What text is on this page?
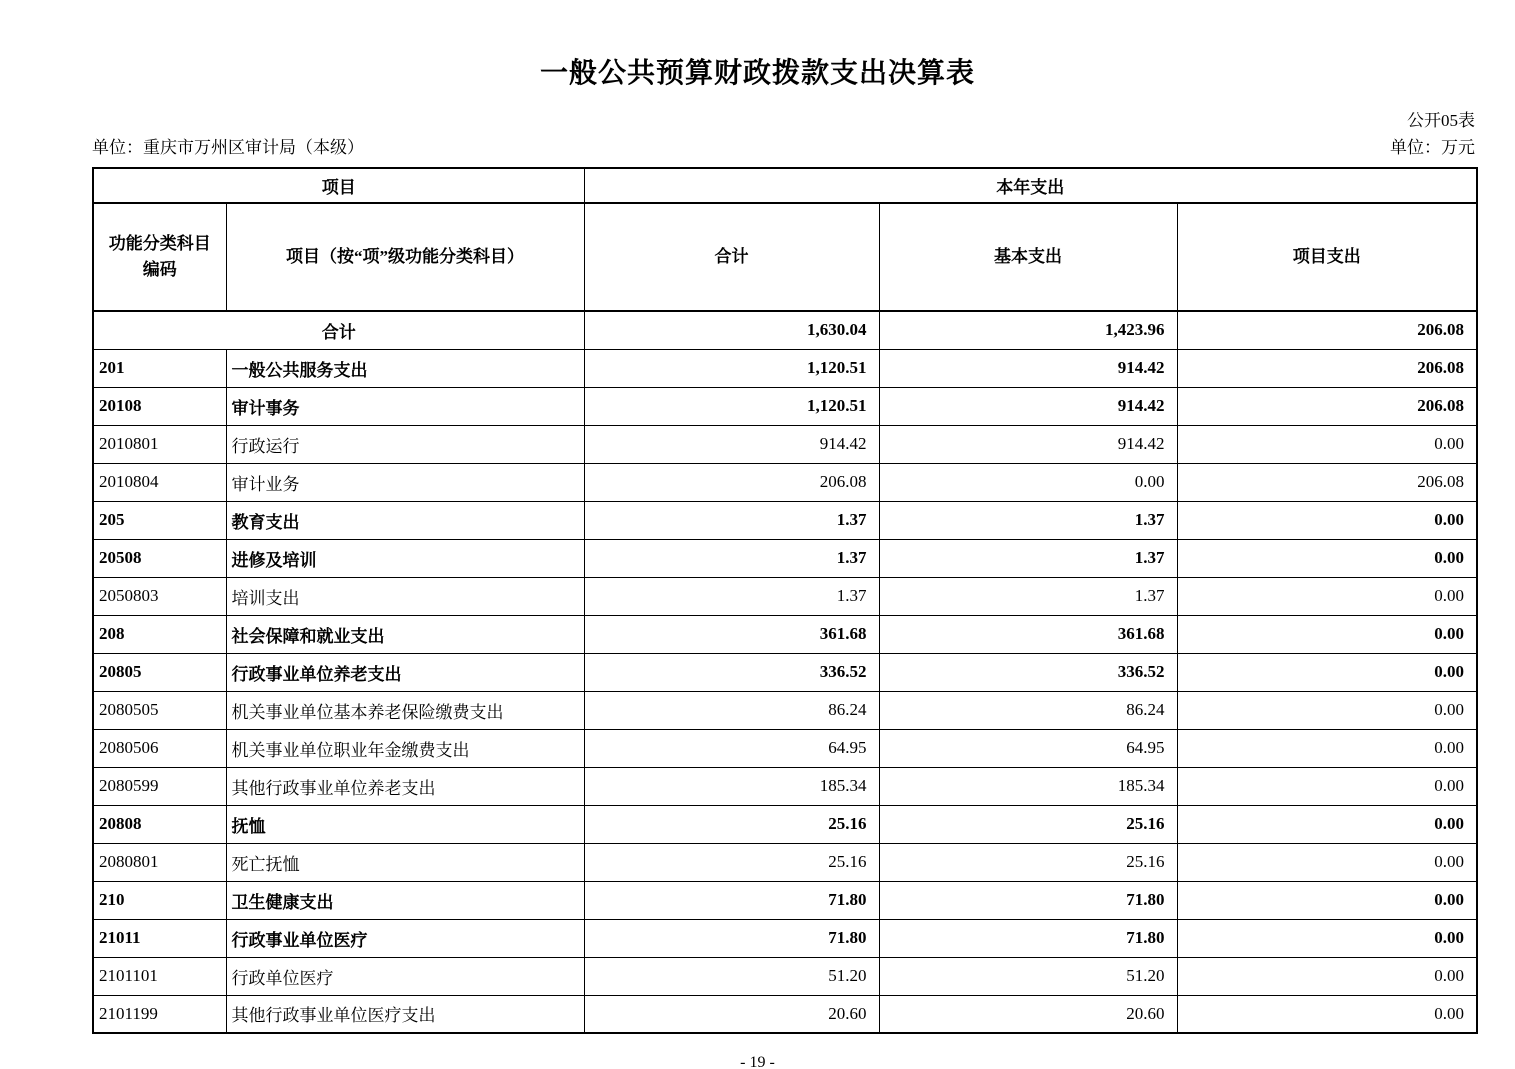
一般公共预算财政拨款支出决算表
公开05表
单位：重庆市万州区审计局（本级）	单位：万元
项目		本年支出		
功能分类科目编码	项目（按“项”级功能分类科目）	合计	基本支出	项目支出
合计		1,630.04	1,423.96	206.08
201	一般公共服务支出	1,120.51	914.42	206.08
20108	审计事务	1,120.51	914.42	206.08
2010801	行政运行	914.42	914.42	0.00
2010804	审计业务	206.08	0.00	206.08
205	教育支出	1.37	1.37	0.00
20508	进修及培训	1.37	1.37	0.00
2050803	培训支出	1.37	1.37	0.00
208	社会保障和就业支出	361.68	361.68	0.00
20805	行政事业单位养老支出	336.52	336.52	0.00
2080505	机关事业单位基本养老保险缴费支出	86.24	86.24	0.00
2080506	机关事业单位职业年金缴费支出	64.95	64.95	0.00
2080599	其他行政事业单位养老支出	185.34	185.34	0.00
20808	抚恤	25.16	25.16	0.00
2080801	死亡抚恤	25.16	25.16	0.00
210	卫生健康支出	71.80	71.80	0.00
21011	行政事业单位医疗	71.80	71.80	0.00
2101101	行政单位医疗	51.20	51.20	0.00
2101199	其他行政事业单位医疗支出	20.60	20.60	0.00
- 19 -
